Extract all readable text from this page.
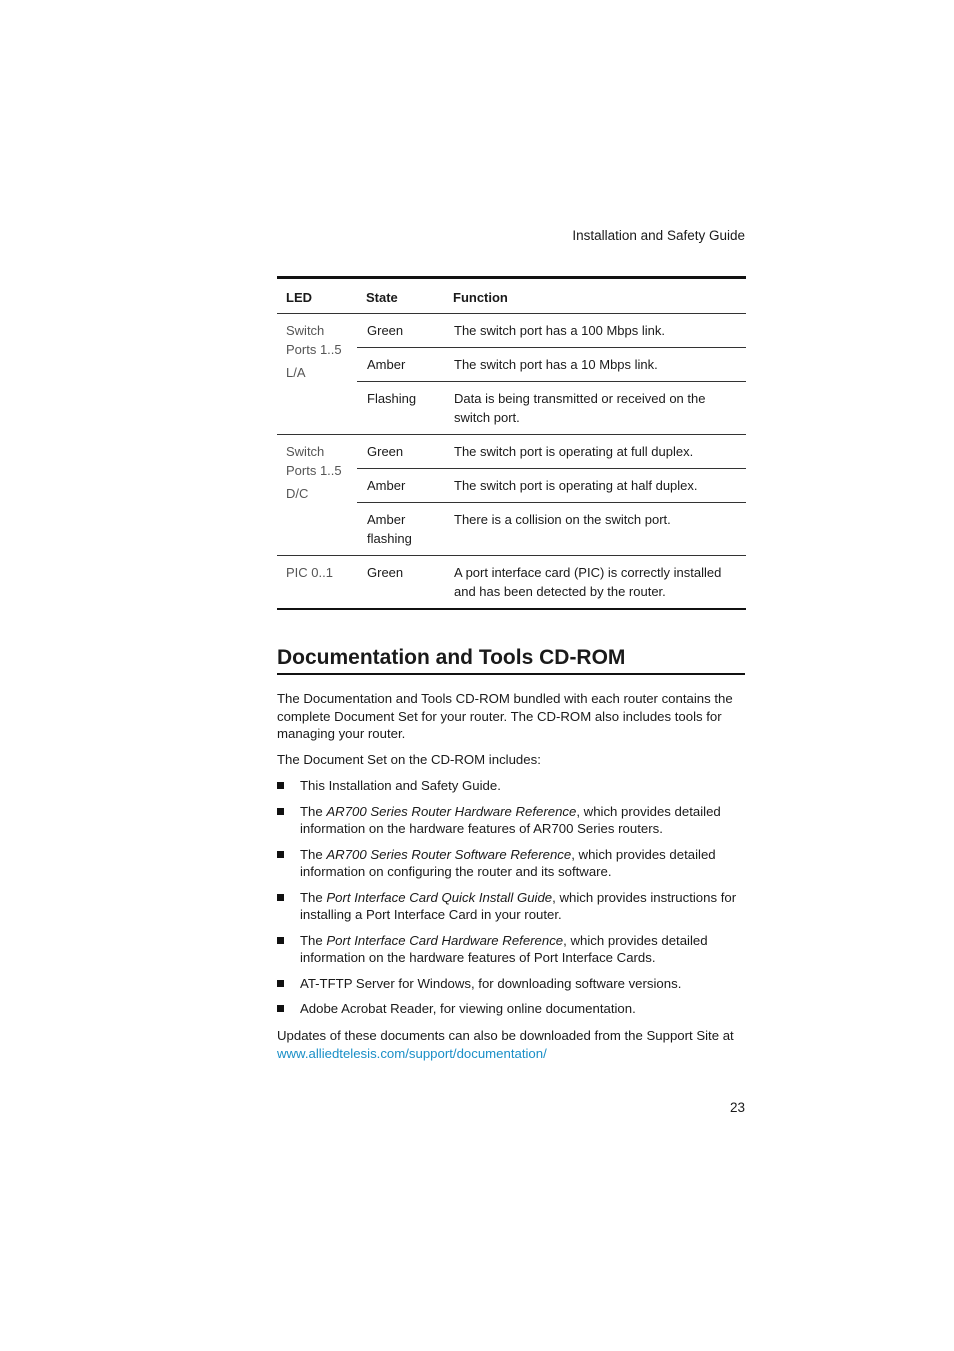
Installation and Safety Guide
LED	State	Function
Switch Ports 1..5
L/A	Green	The switch port has a 100 Mbps link.
	Amber	The switch port has a 10 Mbps link.
	Flashing	Data is being transmitted or received on the switch port.
Switch Ports 1..5
D/C	Green	The switch port is operating at full duplex.
	Amber	The switch port is operating at half duplex.
	Amber flashing	There is a collision on the switch port.
PIC 0..1	Green	A port interface card (PIC) is correctly installed and has been detected by the router.
Documentation and Tools CD-ROM

The Documentation and Tools CD-ROM bundled with each router contains the complete Document Set for your router. The CD-ROM also includes tools for managing your router.

The Document Set on the CD-ROM includes:

This Installation and Safety Guide.
The AR700 Series Router Hardware Reference, which provides detailed information on the hardware features of AR700 Series routers.
The AR700 Series Router Software Reference, which provides detailed information on configuring the router and its software.
The Port Interface Card Quick Install Guide, which provides instructions for installing a Port Interface Card in your router.
The Port Interface Card Hardware Reference, which provides detailed information on the hardware features of Port Interface Cards.
AT-TFTP Server for Windows, for downloading software versions.
Adobe Acrobat Reader, for viewing online documentation.

Updates of these documents can also be downloaded from the Support Site at
www.alliedtelesis.com/support/documentation/

23
